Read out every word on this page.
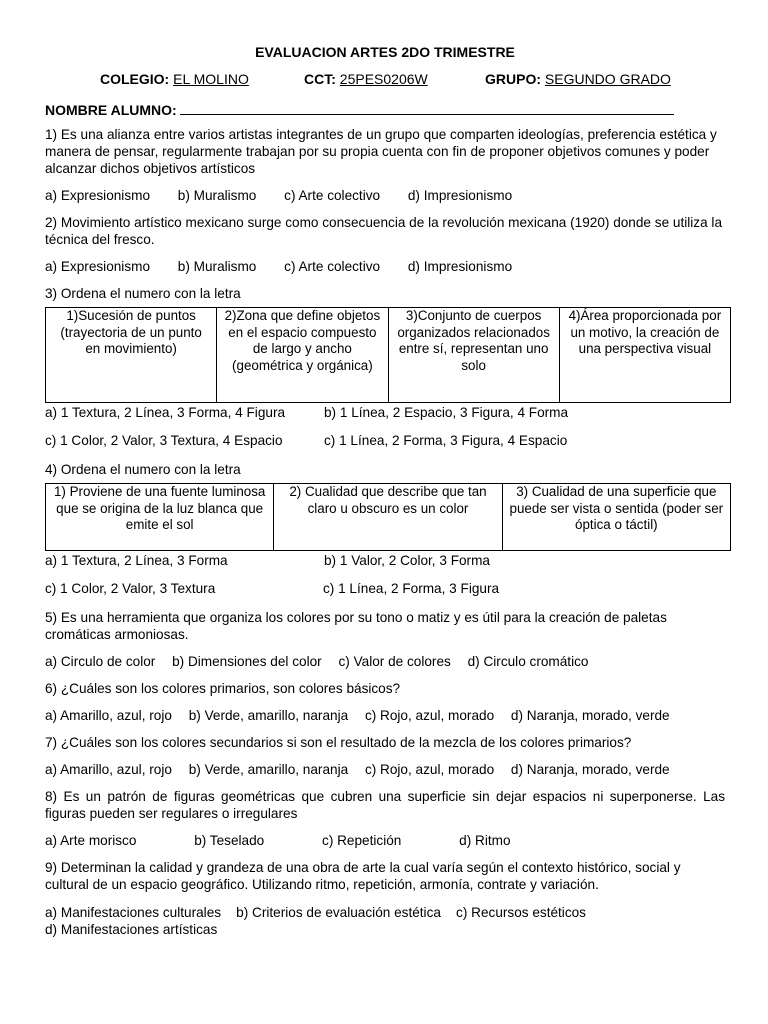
EVALUACION ARTES 2DO TRIMESTRE
COLEGIO: EL MOLINO	CCT: 25PES0206W	GRUPO: SEGUNDO GRADO
NOMBRE ALUMNO:

1) Es una alianza entre varios artistas integrantes de un grupo que comparten ideologías, preferencia estética y manera de pensar, regularmente trabajan por su propia cuenta con fin de proponer objetivos comunes y poder alcanzar dichos objetivos artísticos

a) Expresionismo b) Muralismo c) Arte colectivo d) Impresionismo

2) Movimiento artístico mexicano surge como consecuencia de la revolución mexicana (1920) donde se utiliza la técnica del fresco.

a) Expresionismo b) Muralismo c) Arte colectivo d) Impresionismo

3) Ordena el numero con la letra

1)Sucesión de puntos (trayectoria de un punto en movimiento)	2)Zona que define objetos en el espacio compuesto de largo y ancho (geométrica y orgánica)	3)Conjunto de cuerpos organizados relacionados entre sí, representan uno solo	4)Área proporcionada por un motivo, la creación de una perspectiva visual
a) 1 Textura, 2 Línea, 3 Forma, 4 Figura	b) 1 Línea, 2 Espacio, 3 Figura, 4 Forma
c) 1 Color, 2 Valor, 3 Textura, 4 Espacio	c) 1 Línea, 2 Forma, 3 Figura, 4 Espacio

4) Ordena el numero con la letra

1) Proviene de una fuente luminosa que se origina de la luz blanca que emite el sol	2) Cualidad que describe que tan claro u obscuro es un color	3) Cualidad de una superficie que puede ser vista o sentida (poder ser óptica o táctil)
a) 1 Textura, 2 Línea, 3 Forma	b) 1 Valor, 2 Color, 3 Forma
c) 1 Color, 2 Valor, 3 Textura	c) 1 Línea, 2 Forma, 3 Figura

5) Es una herramienta que organiza los colores por su tono o matiz y es útil para la creación de paletas cromáticas armoniosas.

a) Circulo de color b) Dimensiones del color c) Valor de colores d) Circulo cromático

6) ¿Cuáles son los colores primarios, son colores básicos?

a) Amarillo, azul, rojo b) Verde, amarillo, naranja c) Rojo, azul, morado d) Naranja, morado, verde

7) ¿Cuáles son los colores secundarios si son el resultado de la mezcla de los colores primarios?

a) Amarillo, azul, rojo b) Verde, amarillo, naranja c) Rojo, azul, morado d) Naranja, morado, verde

8) Es un patrón de figuras geométricas que cubren una superficie sin dejar espacios ni superponerse. Las figuras pueden ser regulares o irregulares

a) Arte morisco	b) Teselado	c) Repetición	d) Ritmo

9) Determinan la calidad y grandeza de una obra de arte la cual varía según el contexto histórico, social y cultural de un espacio geográfico. Utilizando ritmo, repetición, armonía, contrate y variación.

a) Manifestaciones culturales b) Criterios de evaluación estética c) Recursos estéticos
d) Manifestaciones artísticas
